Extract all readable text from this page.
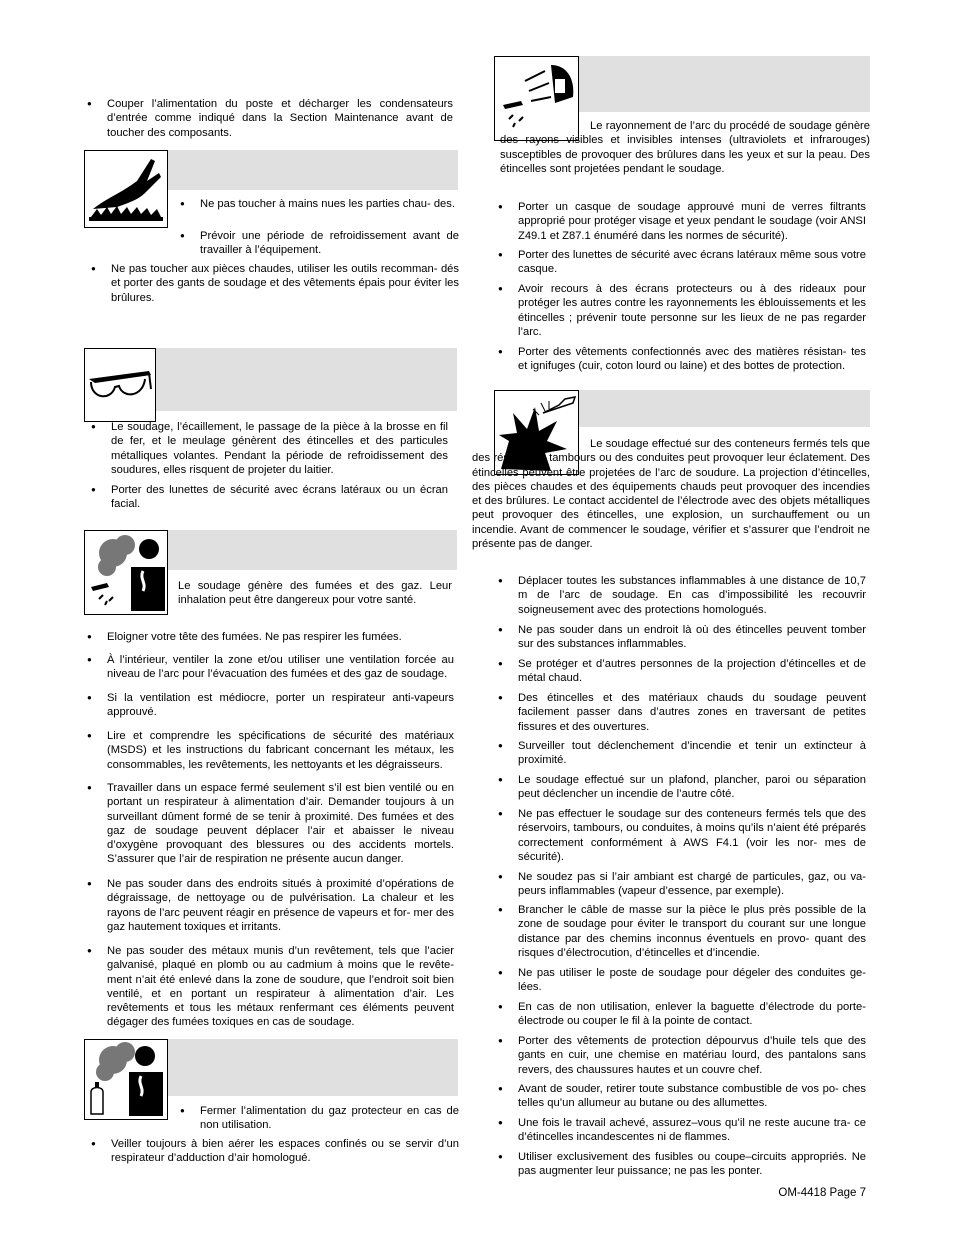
● Couper l’alimentation du poste et décharger les condensateurs d’entrée comme indiqué dans la Section Maintenance avant de toucher des composants.
● Ne pas toucher à mains nues les parties chau- des.
● Prévoir une période de refroidissement avant de travailler à l’équipement.
● Ne pas toucher aux pièces chaudes, utiliser les outils recomman- dés et porter des gants de soudage et des vêtements épais pour éviter les brûlures.
● Le soudage, l’écaillement, le passage de la pièce à la brosse en fil de fer, et le meulage génèrent des étincelles et des particules métalliques volantes. Pendant la période de refroidissement des soudures, elles risquent de projeter du laitier.
● Porter des lunettes de sécurité avec écrans latéraux ou un écran facial.
Le soudage génère des fumées et des gaz. Leur inhalation peut être dangereux pour votre santé.
● Eloigner votre tête des fumées. Ne pas respirer les fumées.
● À l’intérieur, ventiler la zone et/ou utiliser une ventilation forcée au niveau de l’arc pour l’évacuation des fumées et des gaz de soudage.
● Si la ventilation est médiocre, porter un respirateur anti-vapeurs approuvé.
● Lire et comprendre les spécifications de sécurité des matériaux (MSDS) et les instructions du fabricant concernant les métaux, les consommables, les revêtements, les nettoyants et les dégraisseurs.
● Travailler dans un espace fermé seulement s’il est bien ventilé ou en portant un respirateur à alimentation d’air. Demander toujours à un surveillant dûment formé de se tenir à proximité. Des fumées et des gaz de soudage peuvent déplacer l’air et abaisser le niveau d’oxygène provoquant des blessures ou des accidents mortels. S’assurer que l’air de respiration ne présente aucun danger.
● Ne pas souder dans des endroits situés à proximité d’opérations de dégraissage, de nettoyage ou de pulvérisation. La chaleur et les rayons de l’arc peuvent réagir en présence de vapeurs et for- mer des gaz hautement toxiques et irritants.
● Ne pas souder des métaux munis d’un revêtement, tels que l’acier galvanisé, plaqué en plomb ou au cadmium à moins que le revête- ment n’ait été enlevé dans la zone de soudure, que l’endroit soit bien ventilé, et en portant un respirateur à alimentation d’air. Les revêtements et tous les métaux renfermant ces éléments peuvent dégager des fumées toxiques en cas de soudage.
● Fermer l’alimentation du gaz protecteur en cas de non utilisation.
● Veiller toujours à bien aérer les espaces confinés ou se servir d’un respirateur d’adduction d’air homologué.
Le rayonnement de l’arc du procédé de soudage génère des rayons visibles et invisibles intenses (ultraviolets et infrarouges) susceptibles de provoquer des brûlures dans les yeux et sur la peau. Des étincelles sont projetées pendant le soudage.
● Porter un casque de soudage approuvé muni de verres filtrants approprié pour protéger visage et yeux pendant le soudage (voir ANSI Z49.1 et Z87.1 énuméré dans les normes de sécurité).
● Porter des lunettes de sécurité avec écrans latéraux même sous votre casque.
● Avoir recours à des écrans protecteurs ou à des rideaux pour protéger les autres contre les rayonnements les éblouissements et les étincelles ; prévenir toute personne sur les lieux de ne pas regarder l’arc.
● Porter des vêtements confectionnés avec des matières résistan- tes et ignifuges (cuir, coton lourd ou laine) et des bottes de protection.
Le soudage effectué sur des conteneurs fermés tels que des réservoirs, tambours ou des conduites peut provoquer leur éclatement. Des étincelles peuvent être projetées de l’arc de soudure. La projection d’étincelles, des pièces chaudes et des équipements chauds peut provoquer des incendies et des brûlures. Le contact accidentel de l’électrode avec des objets métalliques peut provoquer des étincelles, une explosion, un surchauffement ou un incendie. Avant de commencer le soudage, vérifier et s’assurer que l’endroit ne présente pas de danger.
● Déplacer toutes les substances inflammables à une distance de 10,7 m de l’arc de soudage. En cas d’impossibilité les recouvrir soigneusement avec des protections homologués.
● Ne pas souder dans un endroit là où des étincelles peuvent tomber sur des substances inflammables.
● Se protéger et d’autres personnes de la projection d’étincelles et de métal chaud.
● Des étincelles et des matériaux chauds du soudage peuvent facilement passer dans d’autres zones en traversant de petites fissures et des ouvertures.
● Surveiller tout déclenchement d’incendie et tenir un extincteur à proximité.
● Le soudage effectué sur un plafond, plancher, paroi ou séparation peut déclencher un incendie de l’autre côté.
● Ne pas effectuer le soudage sur des conteneurs fermés tels que des réservoirs, tambours, ou conduites, à moins qu’ils n’aient été préparés correctement conformément à AWS F4.1 (voir les nor- mes de sécurité).
● Ne soudez pas si l’air ambiant est chargé de particules, gaz, ou va- peurs inflammables (vapeur d’essence, par exemple).
● Brancher le câble de masse sur la pièce le plus près possible de la zone de soudage pour éviter le transport du courant sur une longue distance par des chemins inconnus éventuels en provo- quant des risques d’électrocution, d’étincelles et d’incendie.
● Ne pas utiliser le poste de soudage pour dégeler des conduites ge- lées.
● En cas de non utilisation, enlever la baguette d’électrode du porte- électrode ou couper le fil à la pointe de contact.
● Porter des vêtements de protection dépourvus d’huile tels que des gants en cuir, une chemise en matériau lourd, des pantalons sans revers, des chaussures hautes et un couvre chef.
● Avant de souder, retirer toute substance combustible de vos po- ches telles qu’un allumeur au butane ou des allumettes.
● Une fois le travail achevé, assurez–vous qu’il ne reste aucune tra- ce d’étincelles incandescentes ni de flammes.
● Utiliser exclusivement des fusibles ou coupe–circuits appropriés. Ne pas augmenter leur puissance; ne pas les ponter.
OM-4418 Page 7
